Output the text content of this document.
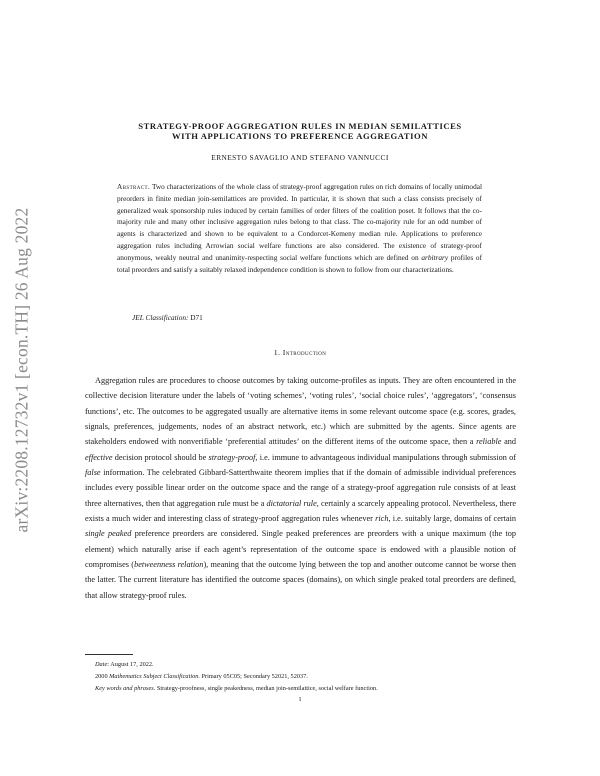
arXiv:2208.12732v1 [econ.TH] 26 Aug 2022
STRATEGY-PROOF AGGREGATION RULES IN MEDIAN SEMILATTICES
WITH APPLICATIONS TO PREFERENCE AGGREGATION
ERNESTO SAVAGLIO AND STEFANO VANNUCCI
Abstract. Two characterizations of the whole class of strategy-proof aggregation rules on rich domains of locally unimodal preorders in finite median join-semilattices are provided. In particular, it is shown that such a class consists precisely of generalized weak sponsorship rules induced by certain families of order filters of the coalition poset. It follows that the co-majority rule and many other inclusive aggregation rules belong to that class. The co-majority rule for an odd number of agents is characterized and shown to be equivalent to a Condorcet-Kemeny median rule. Applications to preference aggregation rules including Arrowian social welfare functions are also considered. The existence of strategy-proof anonymous, weakly neutral and unanimity-respecting social welfare functions which are defined on arbitrary profiles of total preorders and satisfy a suitably relaxed independence condition is shown to follow from our characterizations.
JEL Classification: D71
1. Introduction

Aggregation rules are procedures to choose outcomes by taking outcome-profiles as inputs. They are often encountered in the collective decision literature under the labels of ‘voting schemes’, ‘voting rules’, ‘social choice rules’, ‘aggregators’, ‘consensus functions’, etc. The outcomes to be aggregated usually are alternative items in some relevant outcome space (e.g. scores, grades, signals, preferences, judgements, nodes of an abstract network, etc.) which are submitted by the agents. Since agents are stakeholders endowed with nonverifiable ‘preferential attitudes’ on the different items of the outcome space, then a reliable and effective decision protocol should be strategy-proof, i.e. immune to advantageous individual manipulations through submission of false information. The celebrated Gibbard-Satterthwaite theorem implies that if the domain of admissible individual preferences includes every possible linear order on the outcome space and the range of a strategy-proof aggregation rule consists of at least three alternatives, then that aggregation rule must be a dictatorial rule, certainly a scarcely appealing protocol. Nevertheless, there exists a much wider and interesting class of strategy-proof aggregation rules whenever rich, i.e. suitably large, domains of certain single peaked preference preorders are considered. Single peaked preferences are preorders with a unique maximum (the top element) which naturally arise if each agent’s representation of the outcome space is endowed with a plausible notion of compromises (betweenness relation), meaning that the outcome lying between the top and another outcome cannot be worse then the latter. The current literature has identified the outcome spaces (domains), on which single peaked total preorders are defined, that allow strategy-proof rules.

Date: August 17, 2022.
2000 Mathematics Subject Classification. Primary 05C05; Secondary 52021, 52037.
Key words and phrases. Strategy-proofness, single peakedness, median join-semilattice, social welfare function.
1
